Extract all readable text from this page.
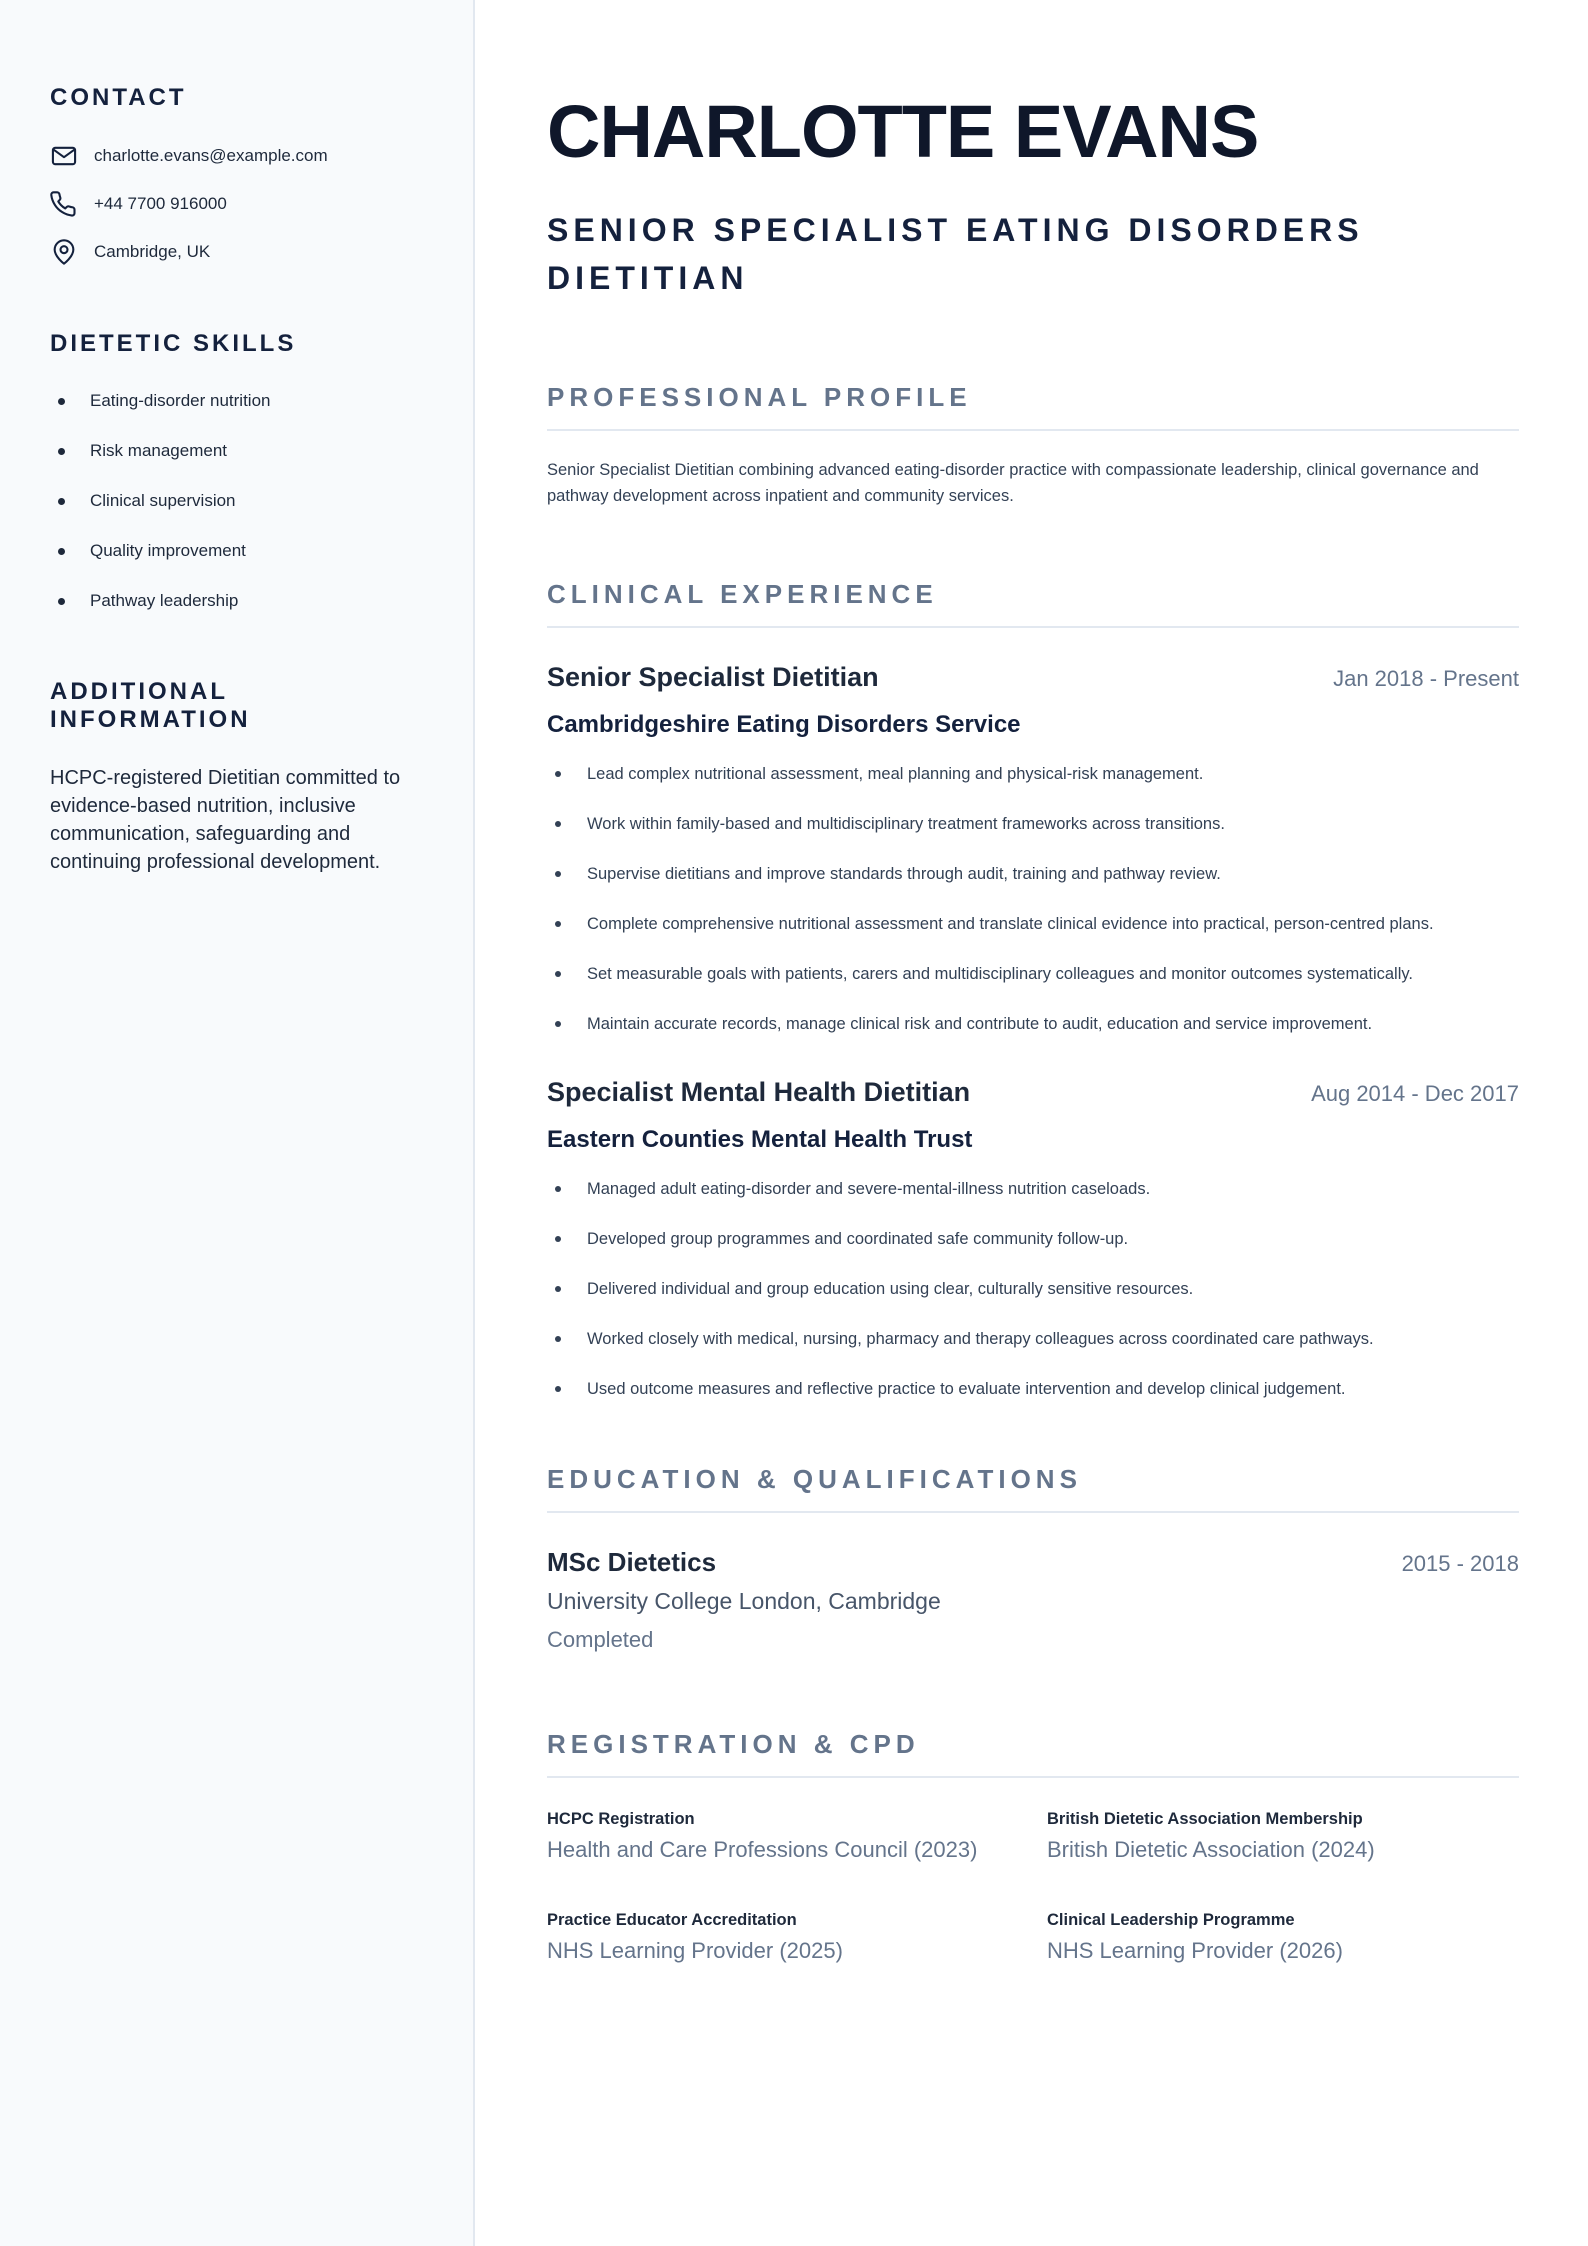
CONTACT
charlotte.evans@example.com
+44 7700 916000
Cambridge, UK
DIETETIC SKILLS
Eating-disorder nutrition
Risk management
Clinical supervision
Quality improvement
Pathway leadership
ADDITIONAL INFORMATION

HCPC-registered Dietitian committed to evidence-based nutrition, inclusive communication, safeguarding and continuing professional development.

CHARLOTTE EVANS
SENIOR SPECIALIST EATING DISORDERS DIETITIAN
PROFESSIONAL PROFILE

Senior Specialist Dietitian combining advanced eating-disorder practice with compassionate leadership, clinical governance and pathway development across inpatient and community services.

CLINICAL EXPERIENCE
Senior Specialist Dietitian	Jan 2018 - Present
Cambridgeshire Eating Disorders Service
Lead complex nutritional assessment, meal planning and physical-risk management.
Work within family-based and multidisciplinary treatment frameworks across transitions.
Supervise dietitians and improve standards through audit, training and pathway review.
Complete comprehensive nutritional assessment and translate clinical evidence into practical, person-centred plans.
Set measurable goals with patients, carers and multidisciplinary colleagues and monitor outcomes systematically.
Maintain accurate records, manage clinical risk and contribute to audit, education and service improvement.
Specialist Mental Health Dietitian	Aug 2014 - Dec 2017
Eastern Counties Mental Health Trust
Managed adult eating-disorder and severe-mental-illness nutrition caseloads.
Developed group programmes and coordinated safe community follow-up.
Delivered individual and group education using clear, culturally sensitive resources.
Worked closely with medical, nursing, pharmacy and therapy colleagues across coordinated care pathways.
Used outcome measures and reflective practice to evaluate intervention and develop clinical judgement.
EDUCATION & QUALIFICATIONS
MSc Dietetics	2015 - 2018
University College London, Cambridge
Completed
REGISTRATION & CPD
HCPC Registration
Health and Care Professions Council (2023)
British Dietetic Association Membership
British Dietetic Association (2024)
Practice Educator Accreditation
NHS Learning Provider (2025)
Clinical Leadership Programme
NHS Learning Provider (2026)
